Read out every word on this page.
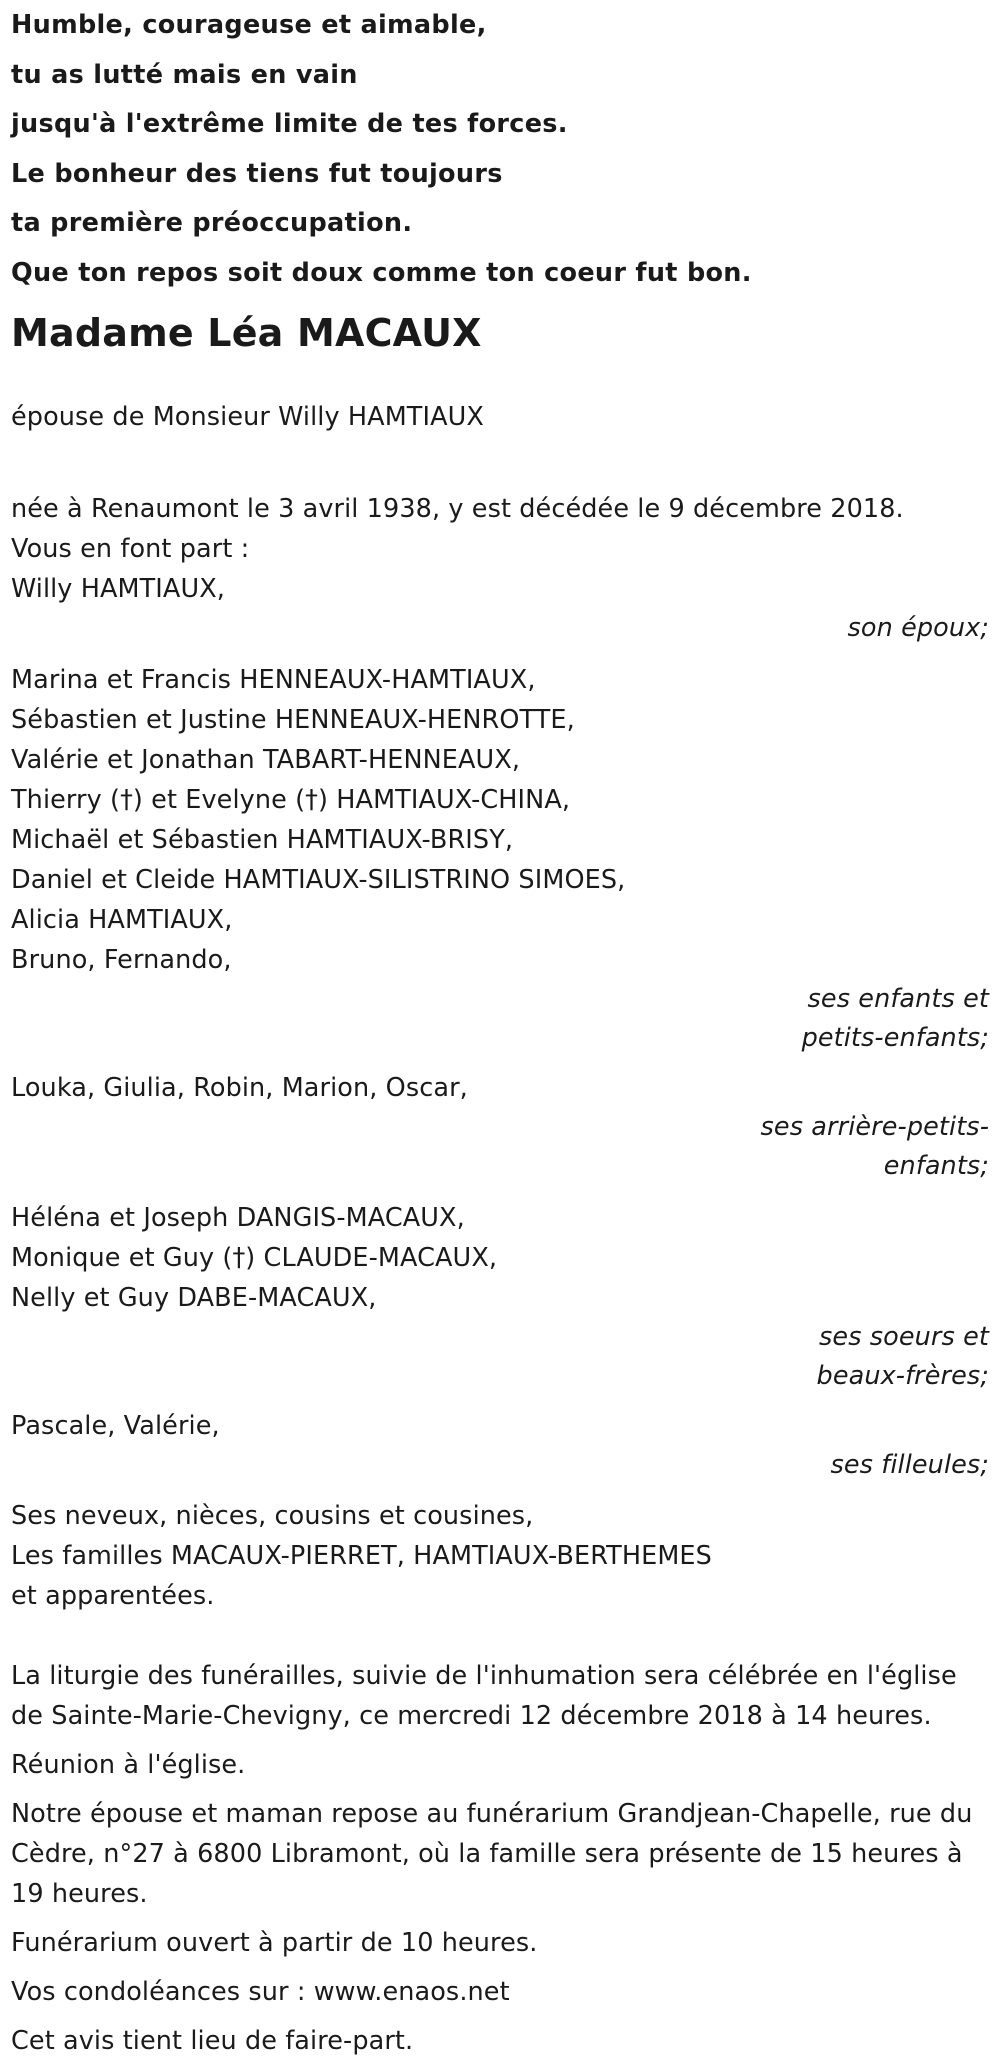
Humble, courageuse et aimable,
tu as lutté mais en vain
jusqu'à l'extrême limite de tes forces.
Le bonheur des tiens fut toujours
ta première préoccupation.
Que ton repos soit doux comme ton coeur fut bon.
Madame Léa MACAUX
épouse de Monsieur Willy HAMTIAUX
née à Renaumont le 3 avril 1938, y est décédée le 9 décembre 2018.
Vous en font part :
Willy HAMTIAUX,
son époux;
Marina et Francis HENNEAUX-HAMTIAUX,
Sébastien et Justine HENNEAUX-HENROTTE,
Valérie et Jonathan TABART-HENNEAUX,
Thierry (†) et Evelyne (†) HAMTIAUX-CHINA,
Michaël et Sébastien HAMTIAUX-BRISY,
Daniel et Cleide HAMTIAUX-SILISTRINO SIMOES,
Alicia HAMTIAUX,
Bruno, Fernando,
ses enfants et
petits-enfants;
Louka, Giulia, Robin, Marion, Oscar,
ses arrière-petits-
enfants;
Héléna et Joseph DANGIS-MACAUX,
Monique et Guy (†) CLAUDE-MACAUX,
Nelly et Guy DABE-MACAUX,
ses soeurs et
beaux-frères;
Pascale, Valérie,
ses filleules;
Ses neveux, nièces, cousins et cousines,
Les familles MACAUX-PIERRET, HAMTIAUX-BERTHEMES
et apparentées.
La liturgie des funérailles, suivie de l'inhumation sera célébrée en l'église de Sainte-Marie-Chevigny, ce mercredi 12 décembre 2018 à 14 heures.
Réunion à l'église.
Notre épouse et maman repose au funérarium Grandjean-Chapelle, rue du Cèdre, n°27 à 6800 Libramont, où la famille sera présente de 15 heures à 19 heures.
Funérarium ouvert à partir de 10 heures.
Vos condoléances sur : www.enaos.net
Cet avis tient lieu de faire-part.
